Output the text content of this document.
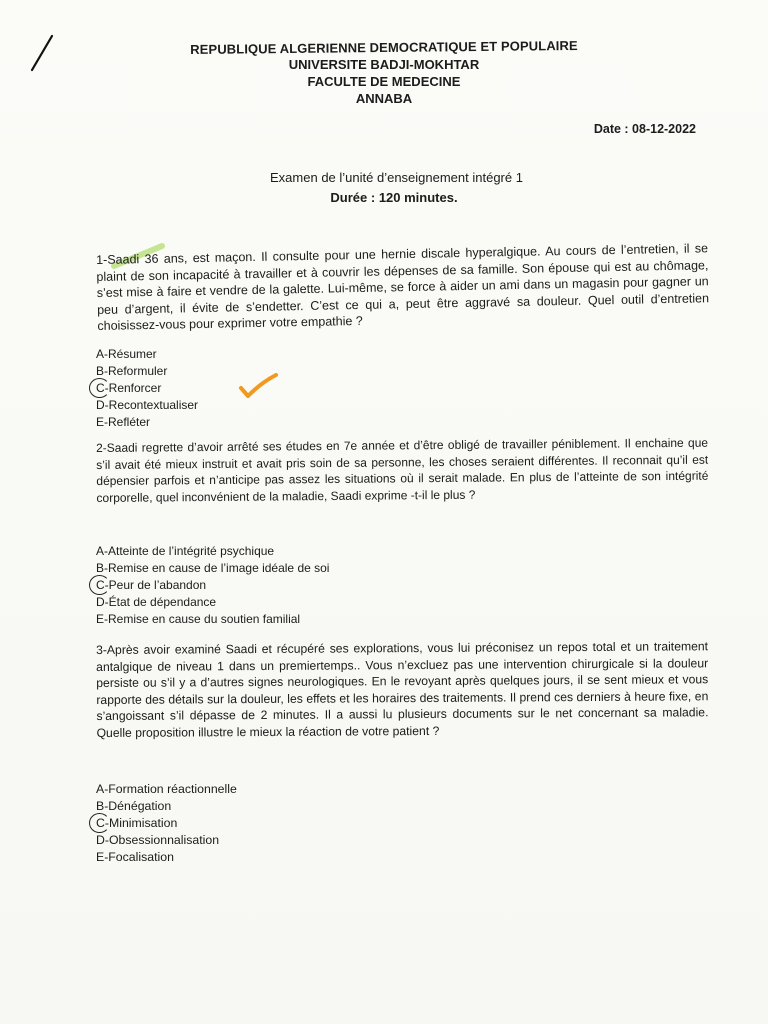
REPUBLIQUE ALGERIENNE DEMOCRATIQUE ET POPULAIRE
UNIVERSITE BADJI-MOKHTAR
FACULTE DE MEDECINE
ANNABA
Date : 08-12-2022
Examen de l’unité d’enseignement intégré 1
Durée : 120 minutes.
1-Saadi 36 ans, est maçon. Il consulte pour une hernie discale hyperalgique. Au cours de l’entretien, il se plaint de son incapacité à travailler et à couvrir les dépenses de sa famille. Son épouse qui est au chômage, s’est mise à faire et vendre de la galette. Lui-même, se force à aider un ami dans un magasin pour gagner un peu d’argent, il évite de s’endetter. C’est ce qui a, peut être aggravé sa douleur. Quel outil d’entretien choisissez-vous pour exprimer votre empathie ?
A-Résumer
B-Reformuler
C-Renforcer
D-Recontextualiser
E-Refléter
2-Saadi regrette d’avoir arrêté ses études en 7e année et d’être obligé de travailler péniblement. Il enchaine que s’il avait été mieux instruit et avait pris soin de sa personne, les choses seraient différentes. Il reconnait qu’il est dépensier parfois et n’anticipe pas assez les situations où il serait malade. En plus de l’atteinte de son intégrité corporelle, quel inconvénient de la maladie, Saadi exprime -t-il le plus ?
A-Atteinte de l’intégrité psychique
B-Remise en cause de l’image idéale de soi
C-Peur de l’abandon
D-État de dépendance
E-Remise en cause du soutien familial
3-Après avoir examiné Saadi et récupéré ses explorations, vous lui préconisez un repos total et un traitement antalgique de niveau 1 dans un premiertemps.. Vous n’excluez pas une intervention chirurgicale si la douleur persiste ou s’il y a d’autres signes neurologiques. En le revoyant après quelques jours, il se sent mieux et vous rapporte des détails sur la douleur, les effets et les horaires des traitements. Il prend ces derniers à heure fixe, en s’angoissant s’il dépasse de 2 minutes. Il a aussi lu plusieurs documents sur le net concernant sa maladie. Quelle proposition illustre le mieux la réaction de votre patient ?
A-Formation réactionnelle
B-Dénégation
C-Minimisation
D-Obsessionnalisation
E-Focalisation
